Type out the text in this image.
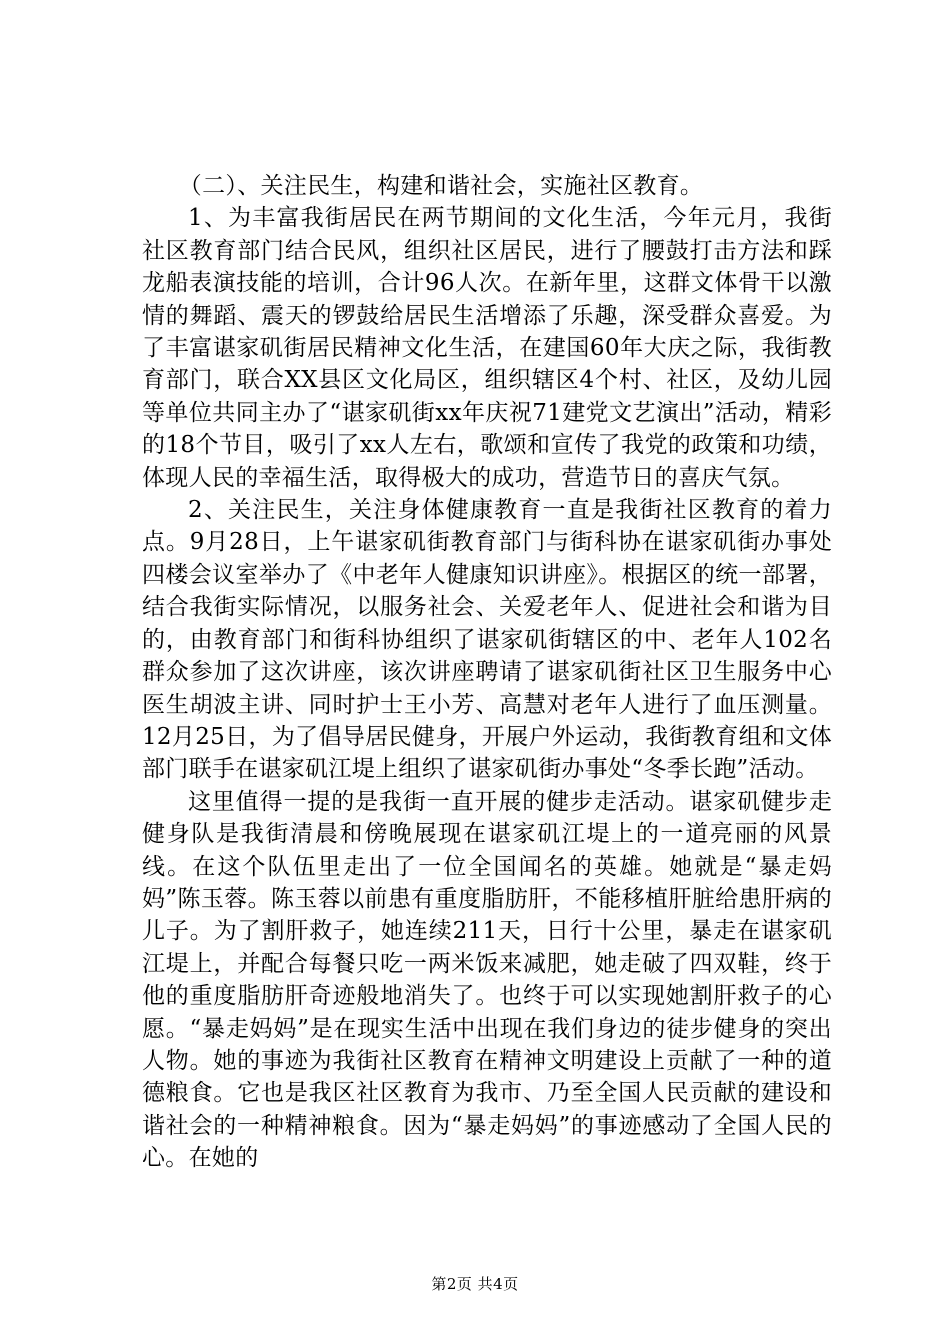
（二）、关注民生，构建和谐社会，实施社区教育。

1、为丰富我街居民在两节期间的文化生活，今年元月，我街社区教育部门结合民风，组织社区居民，进行了腰鼓打击方法和踩龙船表演技能的培训，合计96人次。在新年里，这群文体骨干以激情的舞蹈、震天的锣鼓给居民生活增添了乐趣，深受群众喜爱。为了丰富谌家矶街居民精神文化生活，在建国60年大庆之际，我街教育部门，联合XX县区文化局区，组织辖区4个村、社区，及幼儿园等单位共同主办了“谌家矶街xx年庆祝71建党文艺演出”活动，精彩的18个节目，吸引了xx人左右，歌颂和宣传了我党的政策和功绩，体现人民的幸福生活，取得极大的成功，营造节日的喜庆气氛。

2、关注民生，关注身体健康教育一直是我街社区教育的着力点。9月28日，上午谌家矶街教育部门与街科协在谌家矶街办事处四楼会议室举办了《中老年人健康知识讲座》。根据区的统一部署，结合我街实际情况，以服务社会、关爱老年人、促进社会和谐为目的，由教育部门和街科协组织了谌家矶街辖区的中、老年人102名群众参加了这次讲座，该次讲座聘请了谌家矶街社区卫生服务中心医生胡波主讲、同时护士王小芳、高慧对老年人进行了血压测量。12月25日，为了倡导居民健身，开展户外运动，我街教育组和文体部门联手在谌家矶江堤上组织了谌家矶街办事处“冬季长跑”活动。

这里值得一提的是我街一直开展的健步走活动。谌家矶健步走健身队是我街清晨和傍晚展现在谌家矶江堤上的一道亮丽的风景线。在这个队伍里走出了一位全国闻名的英雄。她就是“暴走妈妈”陈玉蓉。陈玉蓉以前患有重度脂肪肝，不能移植肝脏给患肝病的儿子。为了割肝救子，她连续211天，日行十公里，暴走在谌家矶江堤上，并配合每餐只吃一两米饭来减肥，她走破了四双鞋，终于他的重度脂肪肝奇迹般地消失了。也终于可以实现她割肝救子的心愿。“暴走妈妈”是在现实生活中出现在我们身边的徒步健身的突出人物。她的事迹为我街社区教育在精神文明建设上贡献了一种的道德粮食。它也是我区社区教育为我市、乃至全国人民贡献的建设和谐社会的一种精神粮食。因为“暴走妈妈”的事迹感动了全国人民的心。在她的

第2页 共4页
